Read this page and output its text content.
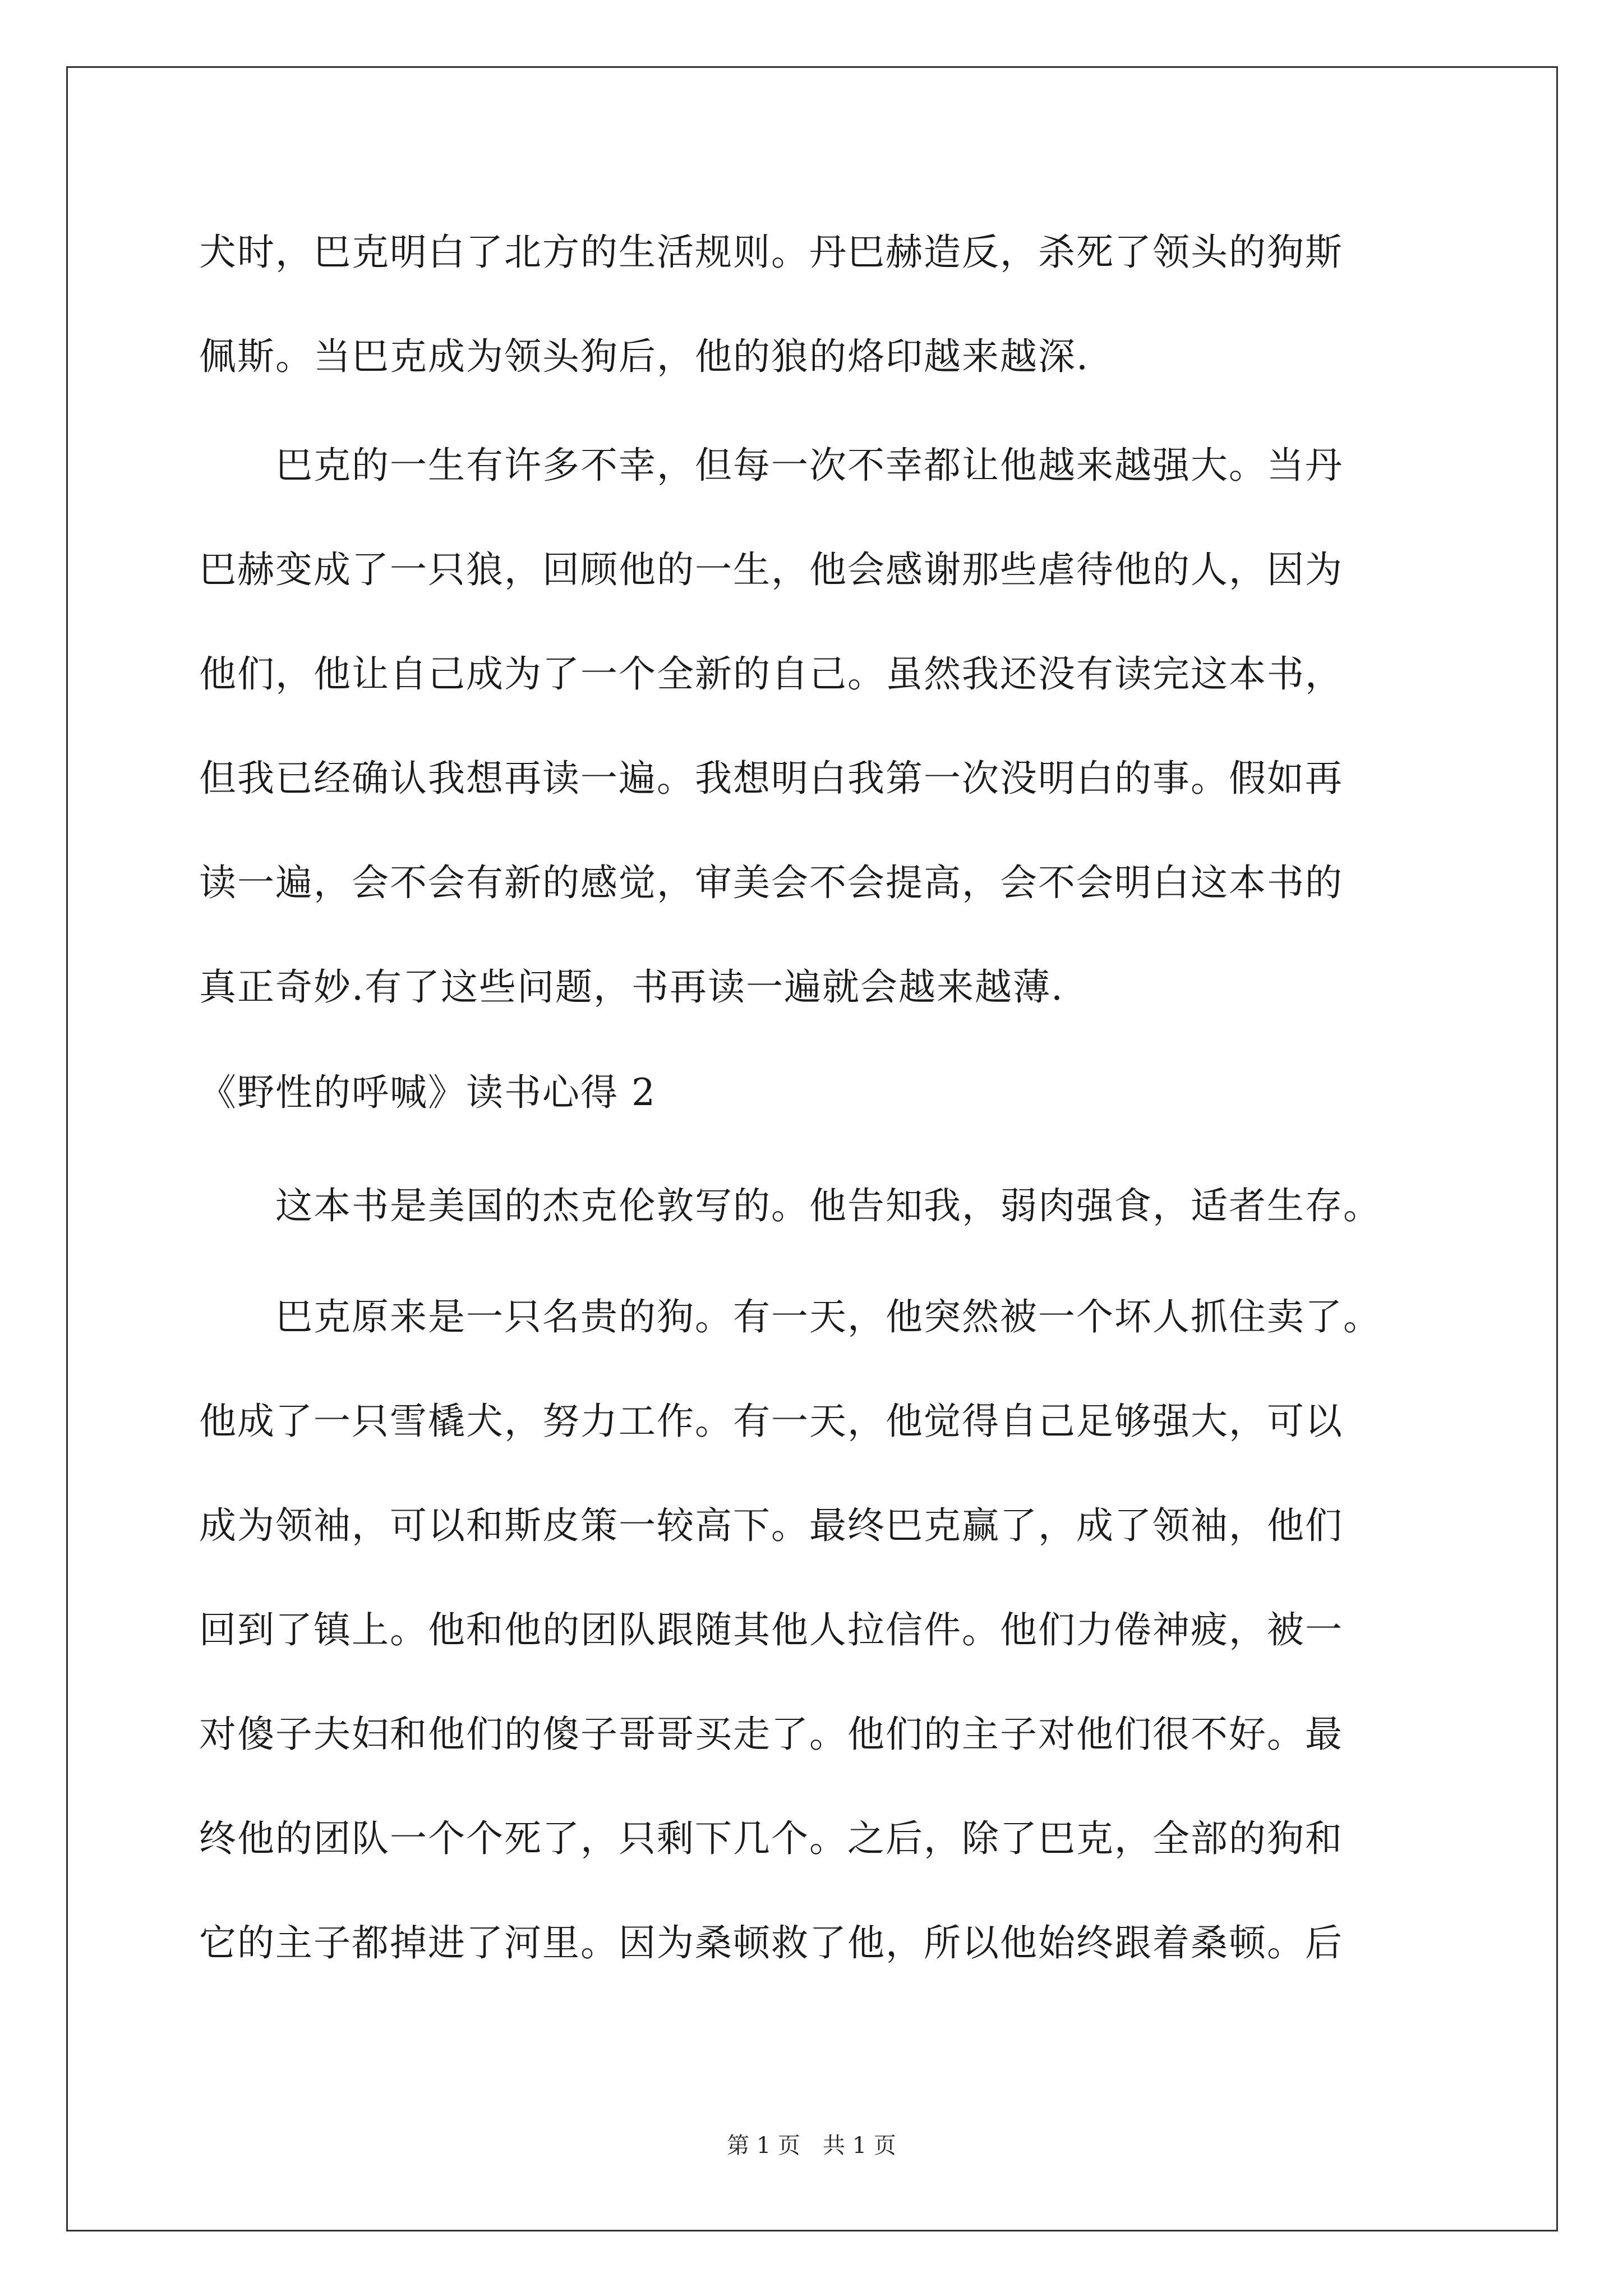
犬时，巴克明白了北方的生活规则。丹巴赫造反，杀死了领头的狗斯
佩斯。当巴克成为领头狗后，他的狼的烙印越来越深.
　　巴克的一生有许多不幸，但每一次不幸都让他越来越强大。当丹
巴赫变成了一只狼，回顾他的一生，他会感谢那些虐待他的人，因为
他们，他让自己成为了一个全新的自己。虽然我还没有读完这本书，
但我已经确认我想再读一遍。我想明白我第一次没明白的事。假如再
读一遍，会不会有新的感觉，审美会不会提高，会不会明白这本书的
真正奇妙.有了这些问题，书再读一遍就会越来越薄.
《野性的呼喊》读书心得 2
　　这本书是美国的杰克伦敦写的。他告知我，弱肉强食，适者生存。
　　巴克原来是一只名贵的狗。有一天，他突然被一个坏人抓住卖了。
他成了一只雪橇犬，努力工作。有一天，他觉得自己足够强大，可以
成为领袖，可以和斯皮策一较高下。最终巴克赢了，成了领袖，他们
回到了镇上。他和他的团队跟随其他人拉信件。他们力倦神疲，被一
对傻子夫妇和他们的傻子哥哥买走了。他们的主子对他们很不好。最
终他的团队一个个死了，只剩下几个。之后，除了巴克，全部的狗和
它的主子都掉进了河里。因为桑顿救了他，所以他始终跟着桑顿。后
第 1 页　共 1 页
